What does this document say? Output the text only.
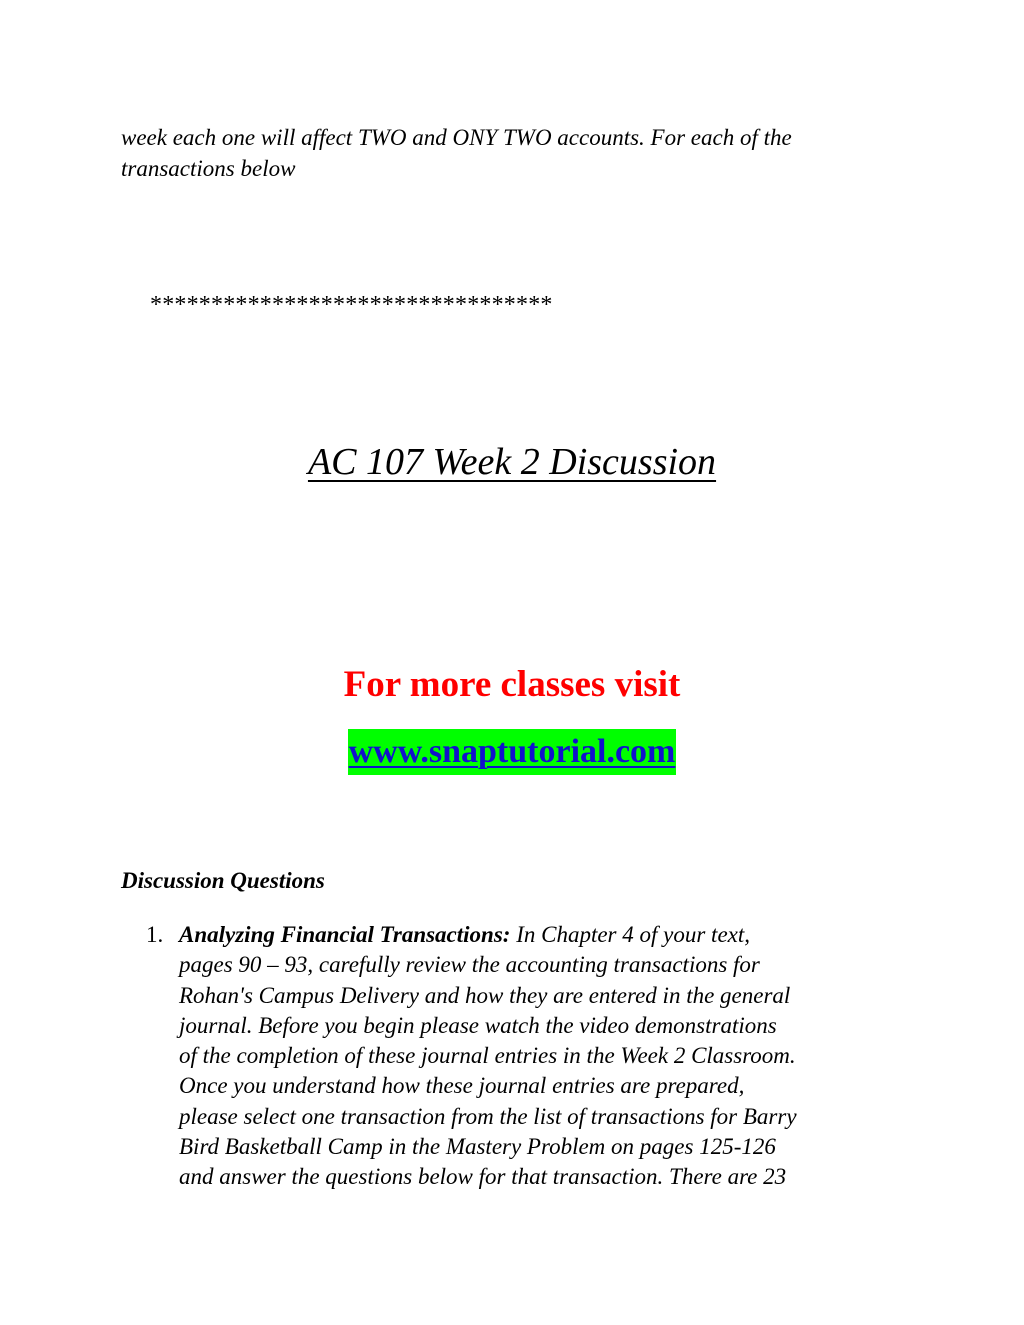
week each one will affect TWO and ONY TWO accounts. For each of the
transactions below
*********************************
AC 107 Week 2 Discussion

For more classes visit

www.snaptutorial.com
Discussion Questions
1. Analyzing Financial Transactions: In Chapter 4 of your text,
pages 90 – 93, carefully review the accounting transactions for
Rohan's Campus Delivery and how they are entered in the general
journal. Before you begin please watch the video demonstrations
of the completion of these journal entries in the Week 2 Classroom.
Once you understand how these journal entries are prepared,
please select one transaction from the list of transactions for Barry
Bird Basketball Camp in the Mastery Problem on pages 125-126
and answer the questions below for that transaction. There are 23
